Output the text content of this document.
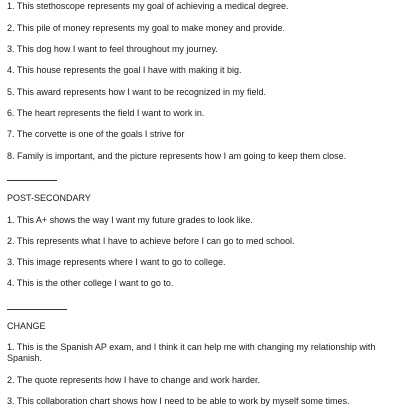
1. This stethoscope represents my goal of achieving a medical degree.
2. This pile of money represents my goal to make money and provide.
3. This dog how I want to feel throughout my journey.
4. This house represents the goal I have with making it big.
5. This award represents how I want to be recognized in my field.
6. The heart represents the field I want to work in.
7. The corvette is one of the goals I strive for
8. Family is important, and the picture represents how I am going to keep them close.
POST-SECONDARY
1. This A+ shows the way I want my future grades to look like.
2. This represents what I have to achieve before I can go to med school.
3. This image represents where I want to go to college.
4. This is the other college I want to go to.
CHANGE
1. This is the Spanish AP exam, and I think it can help me with changing my relationship with Spanish.
2. The quote represents how I have to change and work harder.
3. This collaboration chart shows how I need to be able to work by myself some times.
